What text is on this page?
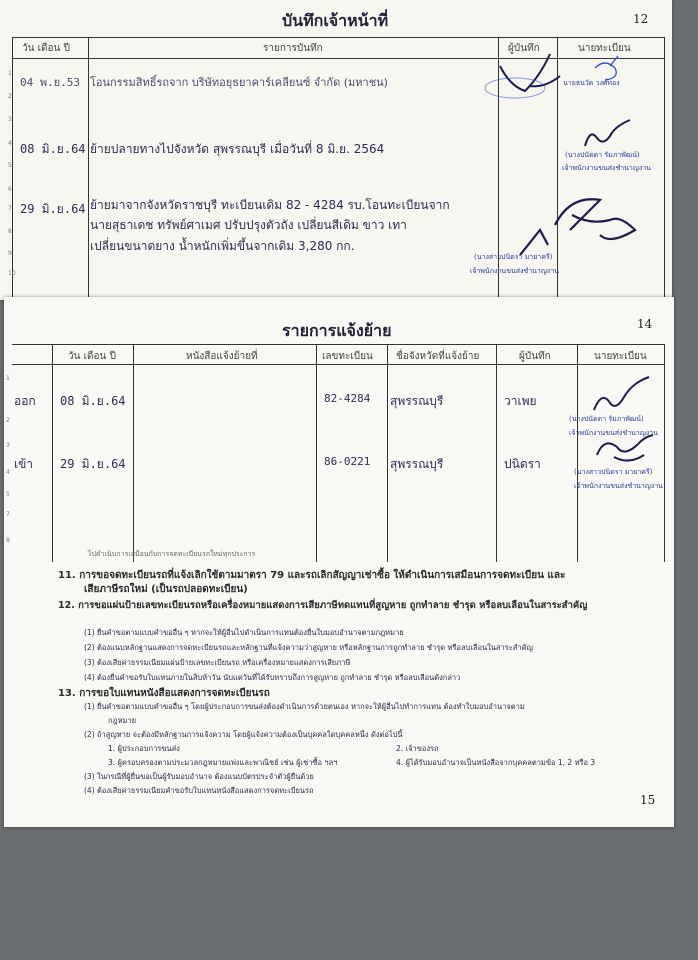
บันทึกเจ้าหน้าที่	12
วัน เดือน ปี	รายการบันทึก	ผู้บันทึก	นายทะเบียน
1
2
3
4
5
6
7
8
9
10
04 พ.ย.53 โอนกรรมสิทธิ์รถจาก บริษัทอยุธยาคาร์เคลียนซ์ จำกัด (มหาชน)
08 มิ.ย.64 ย้ายปลายทางไปจังหวัด สุพรรณบุรี เมื่อวันที่ 8 มิ.ย. 2564
29 มิ.ย.64 ย้ายมาจากจังหวัดราชบุรี ทะเบียนเดิม 82 - 4284 รบ.โอนทะเบียนจาก
นายสุธาเดช ทรัพย์ศาเมศ ปรับปรุงตัวถัง เปลี่ยนสีเดิม ขาว เทา
เปลี่ยนขนาดยาง น้ำหนักเพิ่มขึ้นจากเดิม 3,280 กก.
นายธนวัต วงศ์ทอง
(นางปนัดดา รัมภาพัฒน์)
เจ้าพนักงานขนส่งชำนาญงาน
(นางสาวปนิดรา มายาครี)
เจ้าพนักงานขนส่งชำนาญงาน
รายการแจ้งย้าย	14
วัน เดือน ปี	หนังสือแจ้งย้ายที่	เลขทะเบียน ชื่อจังหวัดที่แจ้งย้าย	ผู้บันทึก	นายทะเบียน
1
2
3
4
5
7
8
ออก 08 มิ.ย.64	82-4284 สุพรรณบุรี	วาเพย
เข้า 29 มิ.ย.64	86-0221 สุพรรณบุรี	ปนิดรา
(นางปนัดดา รัมภาพัฒน์)
เจ้าพนักงานขนส่งชำนาญงาน
(นางสาวปนิดรา มายาครี)
เจ้าพนักงานขนส่งชำนาญงาน
ไปดำเนินการเสมือนกับการจดทะเบียนรถใหม่ทุกประการ
11. การขอจดทะเบียนรถที่แจ้งเลิกใช้ตามมาตรา 79 และรถเลิกสัญญาเช่าซื้อ ให้ดำเนินการเสมือนการจดทะเบียน และ
เสียภาษีรถใหม่ (เป็นรถปลอดทะเบียน)
12. การขอแผ่นป้ายเลขทะเบียนรถหรือเครื่องหมายแสดงการเสียภาษีทดแทนที่สูญหาย ถูกทำลาย ชำรุด หรือลบเลือนในสาระสำคัญ
(1) ยื่นคำขอตามแบบคำขออื่น ๆ หากจะให้ผู้อื่นไปดำเนินการแทนต้องยื่นใบมอบอำนาจตามกฎหมาย
(2) ต้องแนบหลักฐานแสดงการจดทะเบียนรถและหลักฐานที่แจ้งความว่าสูญหาย หรือหลักฐานการถูกทำลาย ชำรุด หรือลบเลือนในสาระสำคัญ
(3) ต้องเสียค่าธรรมเนียมแผ่นป้ายเลขทะเบียนรถ หรือเครื่องหมายแสดงการเสียภาษี
(4) ต้องยื่นคำขอรับใบแทนภายในสิบห้าวัน นับแต่วันที่ได้รับทราบถึงการสูญหาย ถูกทำลาย ชำรุด หรือลบเลือนดังกล่าว
13. การขอใบแทนหนังสือแสดงการจดทะเบียนรถ
(1) ยื่นคำขอตามแบบคำขออื่น ๆ โดยผู้ประกอบการขนส่งต้องดำเนินการด้วยตนเอง หากจะให้ผู้อื่นไปทำการแทน ต้องทำใบมอบอำนาจตาม
กฎหมาย
(2) ถ้าสูญหาย จะต้องมีหลักฐานการแจ้งความ โดยผู้แจ้งความต้องเป็นบุคคลใดบุคคลหนึ่ง ดังต่อไปนี้
1. ผู้ประกอบการขนส่ง	2. เจ้าของรถ
3. ผู้ครอบครองตามประมวลกฎหมายแพ่งและพาณิชย์ เช่น ผู้เช่าซื้อ ฯลฯ	4. ผู้ได้รับมอบอำนาจเป็นหนังสือจากบุคคลตามข้อ 1, 2 หรือ 3
(3) ในกรณีที่ผู้ยื่นขอเป็นผู้รับมอบอำนาจ ต้องแนบบัตรประจำตัวผู้ยื่นด้วย
(4) ต้องเสียค่าธรรมเนียมคำขอรับใบแทนหนังสือแสดงการจดทะเบียนรถ
15
